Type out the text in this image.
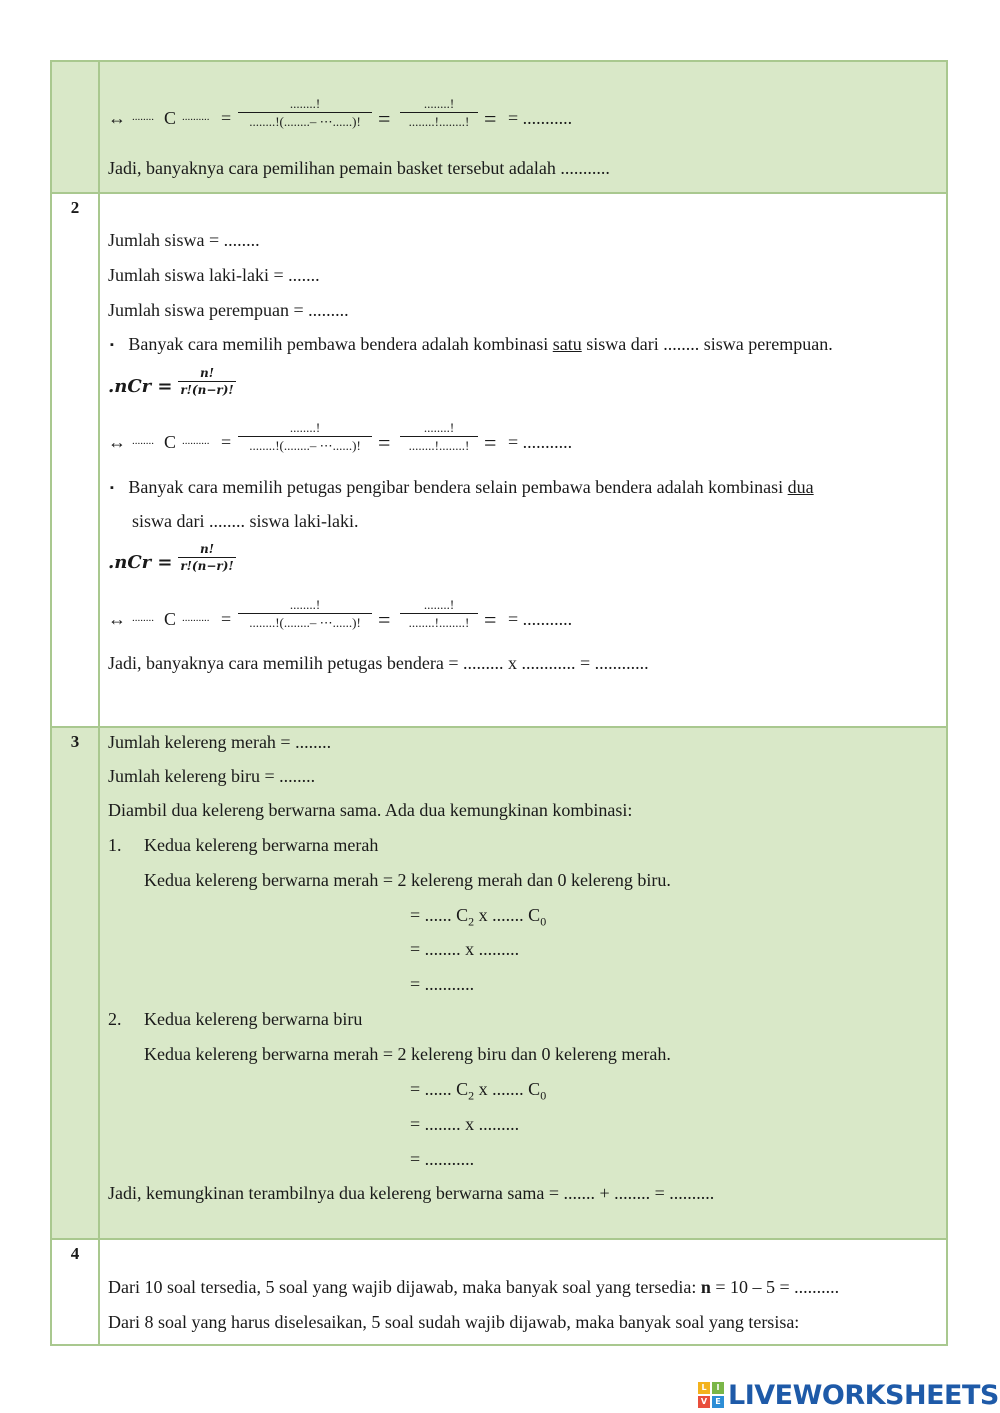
↔ ........ C .......... =
........!
........!(........– ⋯......)! =
........!
........!........! = = ...........
Jadi, banyaknya cara pemilihan pemain basket tersebut adalah ...........
2
Jumlah siswa = ........
Jumlah siswa laki-laki = .......
Jumlah siswa perempuan = .........
▪ Banyak cara memilih pembawa bendera adalah kombinasi satu siswa dari ........ siswa perempuan.
.nCr =
n!
r!(n−r)!
↔ ........ C .......... =
........!
........!(........– ⋯......)! =
........!
........!........! = = ...........
▪ Banyak cara memilih petugas pengibar bendera selain pembawa bendera adalah kombinasi dua
siswa dari ........ siswa laki-laki.
.nCr =
n!
r!(n−r)!
↔ ........ C .......... =
........!
........!(........– ⋯......)! =
........!
........!........! = = ...........
Jadi, banyaknya cara memilih petugas bendera = ......... x ............ = ............
3	Jumlah kelereng merah = ........
Jumlah kelereng biru = ........
Diambil dua kelereng berwarna sama. Ada dua kemungkinan kombinasi:
1. Kedua kelereng berwarna merah
Kedua kelereng berwarna merah = 2 kelereng merah dan 0 kelereng biru.
= ...... $C_2$ x ....... $C_0$
= ........ x .........
= ...........
2. Kedua kelereng berwarna biru
Kedua kelereng berwarna merah = 2 kelereng biru dan 0 kelereng merah.
= ...... $C_2$ x ....... $C_0$
= ........ x .........
= ...........
Jadi, kemungkinan terambilnya dua kelereng berwarna sama = ....... + ........ = ..........
4
Dari 10 soal tersedia, 5 soal yang wajib dijawab, maka banyak soal yang tersedia: n = 10 – 5 = ..........
Dari 8 soal yang harus diselesaikan, 5 soal sudah wajib dijawab, maka banyak soal yang tersisa:
L	I
V	E LIVEWORKSHEETS
